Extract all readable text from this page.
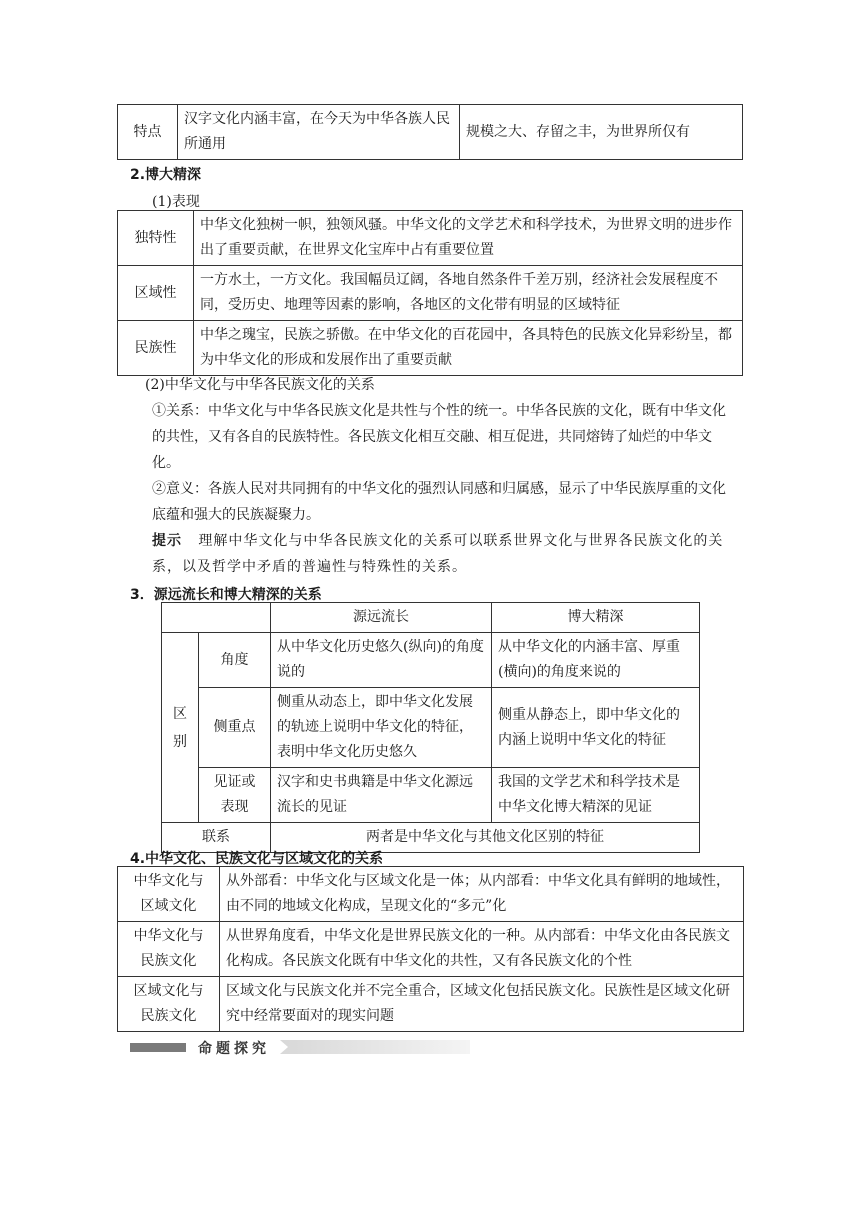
特点	汉字文化内涵丰富，在今天为中华各族人民所通用	规模之大、存留之丰，为世界所仅有
2.博大精深
(1)表现
独特性	中华文化独树一帜，独领风骚。中华文化的文学艺术和科学技术，为世界文明的进步作出了重要贡献，在世界文化宝库中占有重要位置
区域性	一方水土，一方文化。我国幅员辽阔，各地自然条件千差万别，经济社会发展程度不同，受历史、地理等因素的影响，各地区的文化带有明显的区域特征
民族性	中华之瑰宝，民族之骄傲。在中华文化的百花园中，各具特色的民族文化异彩纷呈，都为中华文化的形成和发展作出了重要贡献
(2)中华文化与中华各民族文化的关系
①关系：中华文化与中华各民族文化是共性与个性的统一。中华各民族的文化，既有中华文化的共性，又有各自的民族特性。各民族文化相互交融、相互促进，共同熔铸了灿烂的中华文化。
②意义：各族人民对共同拥有的中华文化的强烈认同感和归属感，显示了中华民族厚重的文化底蕴和强大的民族凝聚力。
提示 理解中华文化与中华各民族文化的关系可以联系世界文化与世界各民族文化的关系，以及哲学中矛盾的普遍性与特殊性的关系。
3．源远流长和博大精深的关系
		源远流长	博大精深
区别	角度	从中华文化历史悠久(纵向)的角度说的	从中华文化的内涵丰富、厚重(横向)的角度来说的
	侧重点	侧重从动态上，即中华文化发展的轨迹上说明中华文化的特征，表明中华文化历史悠久	侧重从静态上，即中华文化的内涵上说明中华文化的特征
	见证或表现	汉字和史书典籍是中华文化源远流长的见证	我国的文学艺术和科学技术是中华文化博大精深的见证
联系		两者是中华文化与其他文化区别的特征	
4.中华文化、民族文化与区域文化的关系
中华文化与区域文化	从外部看：中华文化与区域文化是一体；从内部看：中华文化具有鲜明的地域性，由不同的地域文化构成，呈现文化的“多元”化
中华文化与民族文化	从世界角度看，中华文化是世界民族文化的一种。从内部看：中华文化由各民族文化构成。各民族文化既有中华文化的共性，又有各民族文化的个性
区域文化与民族文化	区域文化与民族文化并不完全重合，区域文化包括民族文化。民族性是区域文化研究中经常要面对的现实问题
命题探究
